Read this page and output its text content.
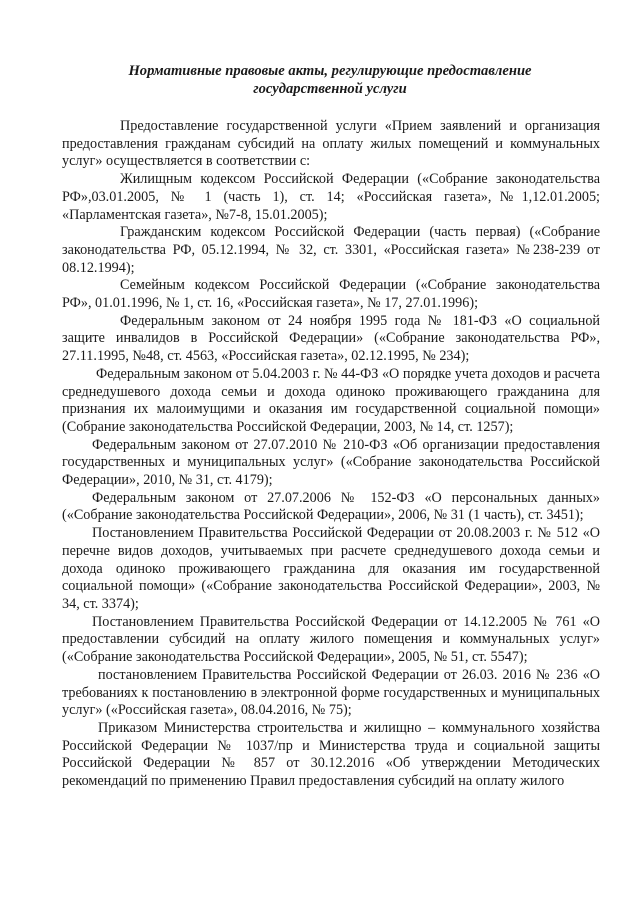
Нормативные правовые акты, регулирующие предоставление
государственной услуги

Предоставление государственной услуги «Прием заявлений и организация предоставления гражданам субсидий на оплату жилых помещений и коммунальных услуг» осуществляется в соответствии с:

Жилищным кодексом Российской Федерации («Собрание законодательства РФ»,03.01.2005, № 1 (часть 1), ст. 14; «Российская газета»,№1,12.01.2005; «Парламентская газета», №7-8, 15.01.2005);

Гражданским кодексом Российской Федерации (часть первая) («Собрание законодательства РФ, 05.12.1994, № 32, ст. 3301, «Российская газета» №238-239 от 08.12.1994);

Семейным кодексом Российской Федерации («Собрание законодательства РФ», 01.01.1996, № 1, ст. 16, «Российская газета», № 17, 27.01.1996);

Федеральным законом от 24 ноября 1995 года № 181-ФЗ «О социальной защите инвалидов в Российской Федерации» («Собрание законодательства РФ», 27.11.1995, №48, ст. 4563, «Российская газета», 02.12.1995, № 234);

Федеральным законом от 5.04.2003 г. № 44-ФЗ «О порядке учета доходов и расчета среднедушевого дохода семьи и дохода одиноко проживающего гражданина для признания их малоимущими и оказания им государственной социальной помощи» (Собрание законодательства Российской Федерации, 2003, № 14, ст. 1257);

Федеральным законом от 27.07.2010 № 210-ФЗ «Об организации предоставления государственных и муниципальных услуг» («Собрание законодательства Российской Федерации», 2010, № 31, ст. 4179);

Федеральным законом от 27.07.2006 № 152-ФЗ «О персональных данных» («Собрание законодательства Российской Федерации», 2006, № 31 (1 часть), ст. 3451);

Постановлением Правительства Российской Федерации от 20.08.2003 г. № 512 «О перечне видов доходов, учитываемых при расчете среднедушевого дохода семьи и дохода одиноко проживающего гражданина для оказания им государственной социальной помощи» («Собрание законодательства Российской Федерации», 2003, № 34, ст. 3374);

Постановлением Правительства Российской Федерации от 14.12.2005 № 761 «О предоставлении субсидий на оплату жилого помещения и коммунальных услуг» («Собрание законодательства Российской Федерации», 2005, № 51, ст. 5547);

постановлением Правительства Российской Федерации от 26.03. 2016 № 236 «О требованиях к постановлению в электронной форме государственных и муниципальных услуг» («Российская газета», 08.04.2016, № 75);

Приказом Министерства строительства и жилищно – коммунального хозяйства Российской Федерации № 1037/пр и Министерства труда и социальной защиты Российской Федерации № 857 от 30.12.2016 «Об утверждении Методических рекомендаций по применению Правил предоставления субсидий на оплату жилого
